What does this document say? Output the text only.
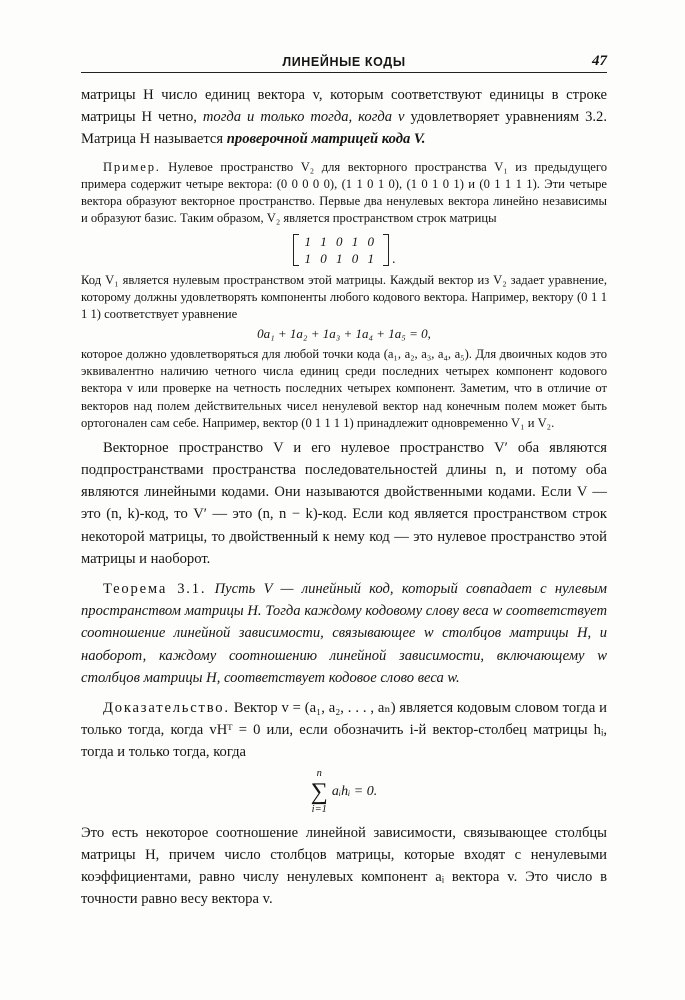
ЛИНЕЙНЫЕ КОДЫ	47

матрицы H число единиц вектора v, которым соответствуют единицы в строке матрицы H четно, тогда и только тогда, когда v удовлетворяет уравнениям 3.2. Матрица H называется проверочной матрицей кода V.

Пример. Нулевое пространство V₂ для векторного пространства V₁ из предыдущего примера содержит четыре вектора: (0 0 0 0 0), (1 1 0 1 0), (1 0 1 0 1) и (0 1 1 1 1). Эти четыре вектора образуют векторное пространство. Первые два ненулевых вектора линейно независимы и образуют базис. Таким образом, V₂ является пространством строк матрицы

1 1 0 1 0
1 0 1 0 1 .

Код V₁ является нулевым пространством этой матрицы. Каждый вектор из V₂ задает уравнение, которому должны удовлетворять компоненты любого кодового вектора. Например, вектору (0 1 1 1 1) соответствует уравнение

0a₁ + 1a₂ + 1a₃ + 1a₄ + 1a₅ = 0,

которое должно удовлетворяться для любой точки кода (a₁, a₂, a₃, a₄, a₅). Для двоичных кодов это эквивалентно наличию четного числа единиц среди последних четырех компонент кодового вектора v или проверке на четность последних четырех компонент. Заметим, что в отличие от векторов над полем действительных чисел ненулевой вектор над конечным полем может быть ортогонален сам себе. Например, вектор (0 1 1 1 1) принадлежит одновременно V₁ и V₂.

Векторное пространство V и его нулевое пространство V′ оба являются подпространствами пространства последовательностей длины n, и потому оба являются линейными кодами. Они называются двойственными кодами. Если V — это (n, k)-код, то V′ — это (n, n − k)-код. Если код является пространством строк некоторой матрицы, то двойственный к нему код — это нулевое пространство этой матрицы и наоборот.

Теорема 3.1. Пусть V — линейный код, который совпадает с нулевым пространством матрицы H. Тогда каждому кодовому слову веса w соответствует соотношение линейной зависимости, связывающее w столбцов матрицы H, и наоборот, каждому соотношению линейной зависимости, включающему w столбцов матрицы H, соответствует кодовое слово веса w.

Доказательство. Вектор v = (a₁, a₂, . . . , aₙ) является кодовым словом тогда и только тогда, когда vHᵀ = 0 или, если обозначить i-й вектор-столбец матрицы hᵢ, тогда и только тогда, когда

n
∑
i=1
aᵢhᵢ = 0.

Это есть некоторое соотношение линейной зависимости, связывающее столбцы матрицы H, причем число столбцов матрицы, которые входят с ненулевыми коэффициентами, равно числу ненулевых компонент aᵢ вектора v. Это число в точности равно весу вектора v.
